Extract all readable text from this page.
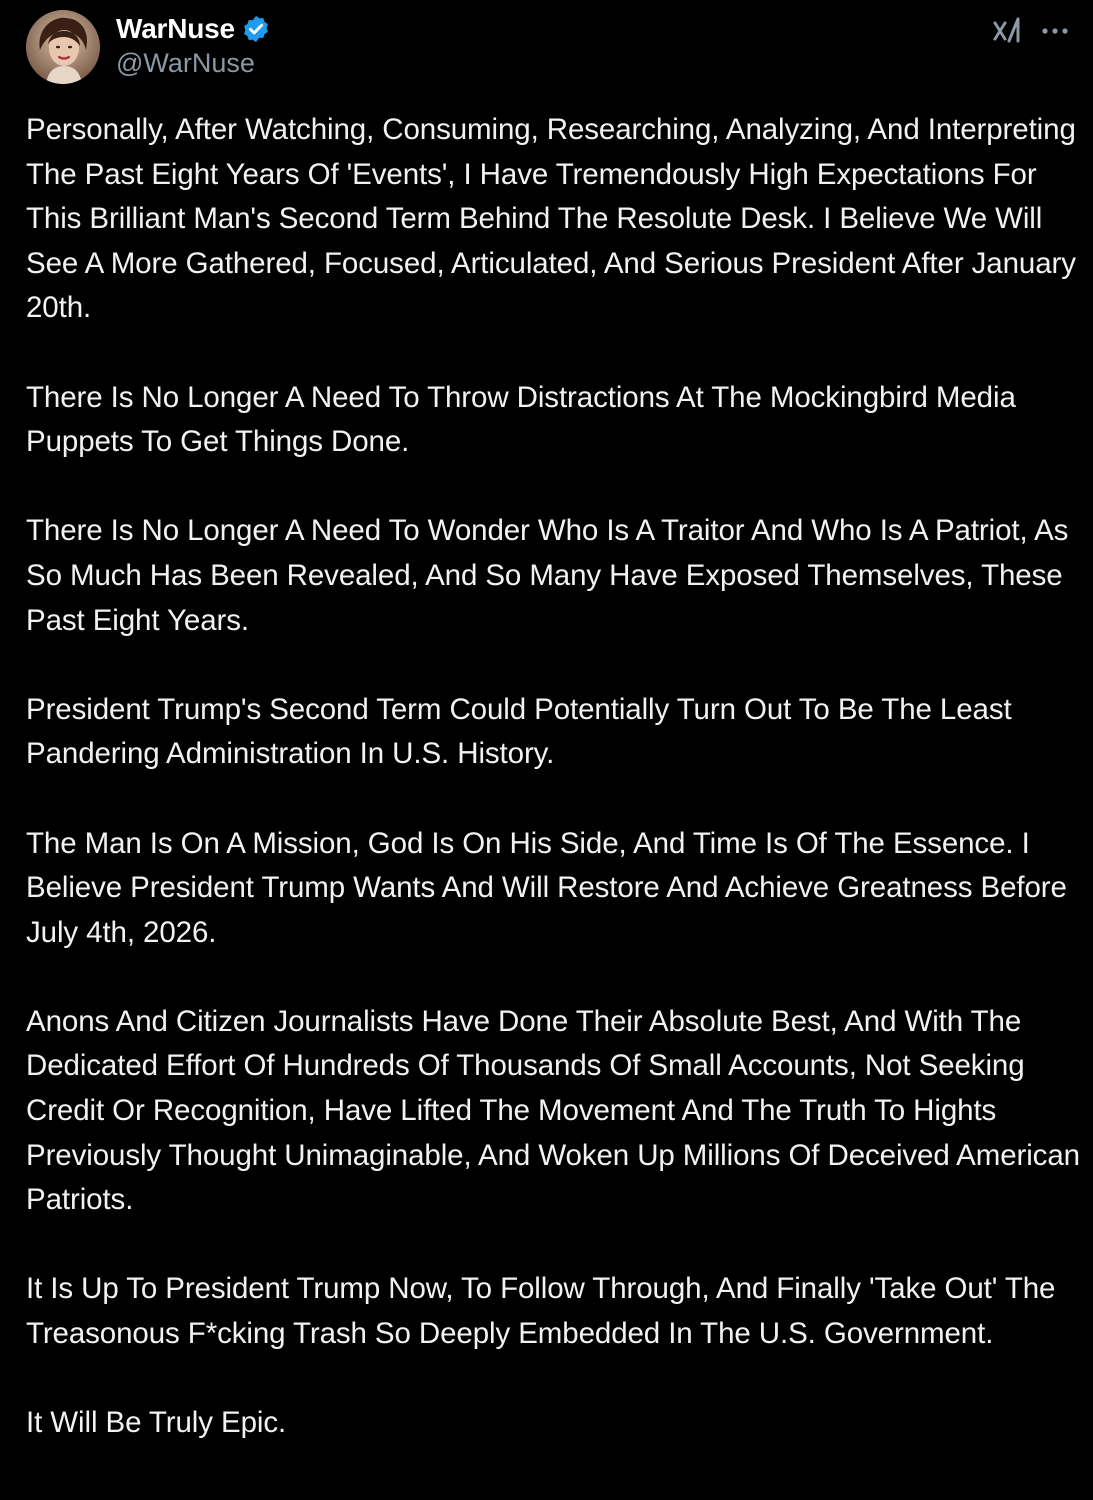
WarNuse
@WarNuse

Personally, After Watching, Consuming, Researching, Analyzing, And Interpreting The Past Eight Years Of 'Events', I Have Tremendously High Expectations For This Brilliant Man's Second Term Behind The Resolute Desk. I Believe We Will See A More Gathered, Focused, Articulated, And Serious President After January 20th.

There Is No Longer A Need To Throw Distractions At The Mockingbird Media Puppets To Get Things Done.

There Is No Longer A Need To Wonder Who Is A Traitor And Who Is A Patriot, As So Much Has Been Revealed, And So Many Have Exposed Themselves, These Past Eight Years.

President Trump's Second Term Could Potentially Turn Out To Be The Least Pandering Administration In U.S. History.

The Man Is On A Mission, God Is On His Side, And Time Is Of The Essence. I Believe President Trump Wants And Will Restore And Achieve Greatness Before July 4th, 2026.

Anons And Citizen Journalists Have Done Their Absolute Best, And With The Dedicated Effort Of Hundreds Of Thousands Of Small Accounts, Not Seeking Credit Or Recognition, Have Lifted The Movement And The Truth To Hights Previously Thought Unimaginable, And Woken Up Millions Of Deceived American Patriots.

It Is Up To President Trump Now, To Follow Through, And Finally 'Take Out' The Treasonous F*cking Trash So Deeply Embedded In The U.S. Government.

It Will Be Truly Epic.
